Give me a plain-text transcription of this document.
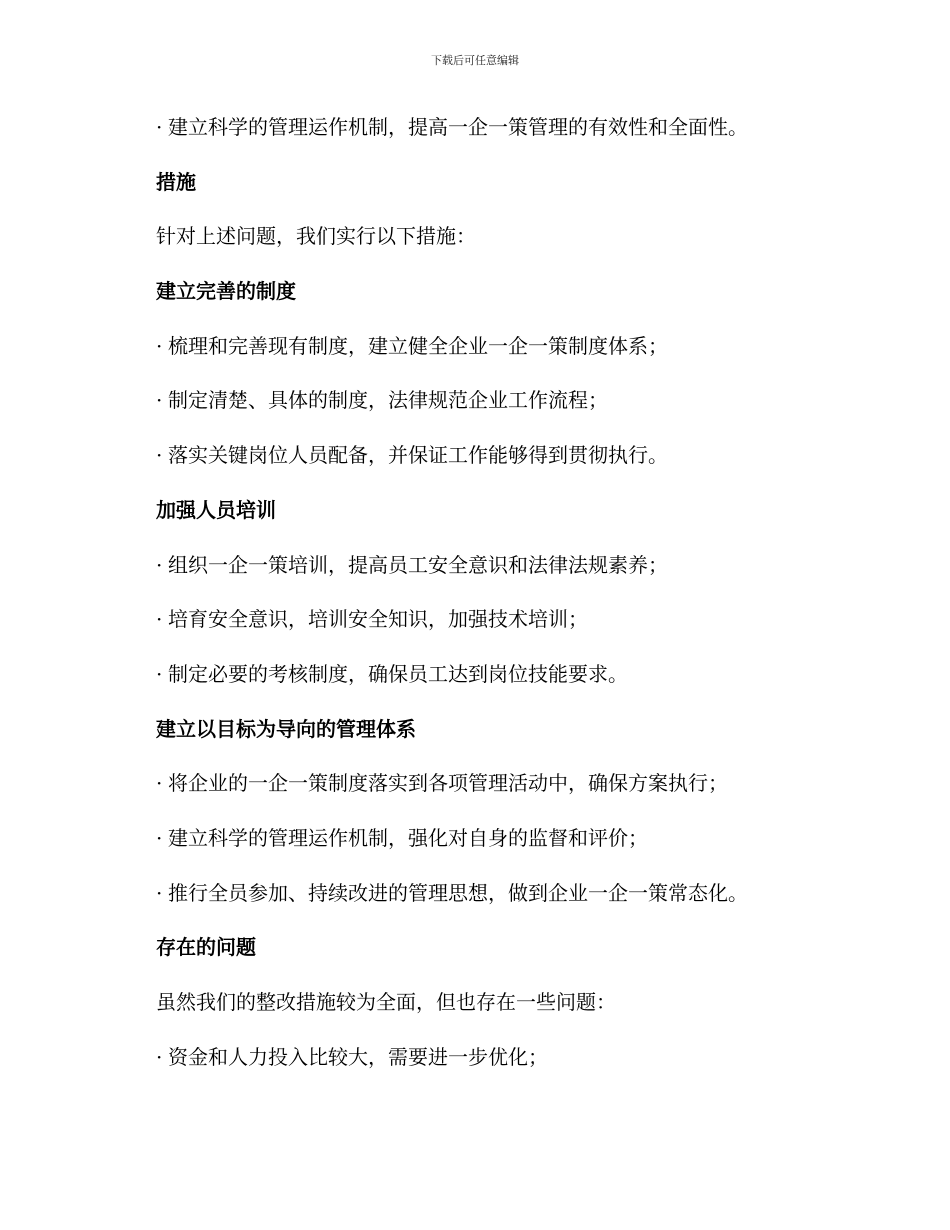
下载后可任意编辑
· 建立科学的管理运作机制，提高一企一策管理的有效性和全面性。
措施
针对上述问题，我们实行以下措施：
建立完善的制度
· 梳理和完善现有制度，建立健全企业一企一策制度体系；
· 制定清楚、具体的制度，法律规范企业工作流程；
· 落实关键岗位人员配备，并保证工作能够得到贯彻执行。
加强人员培训
· 组织一企一策培训，提高员工安全意识和法律法规素养；
· 培育安全意识，培训安全知识，加强技术培训；
· 制定必要的考核制度，确保员工达到岗位技能要求。
建立以目标为导向的管理体系
· 将企业的一企一策制度落实到各项管理活动中，确保方案执行；
· 建立科学的管理运作机制，强化对自身的监督和评价；
· 推行全员参加、持续改进的管理思想，做到企业一企一策常态化。
存在的问题
虽然我们的整改措施较为全面，但也存在一些问题：
· 资金和人力投入比较大，需要进一步优化；
